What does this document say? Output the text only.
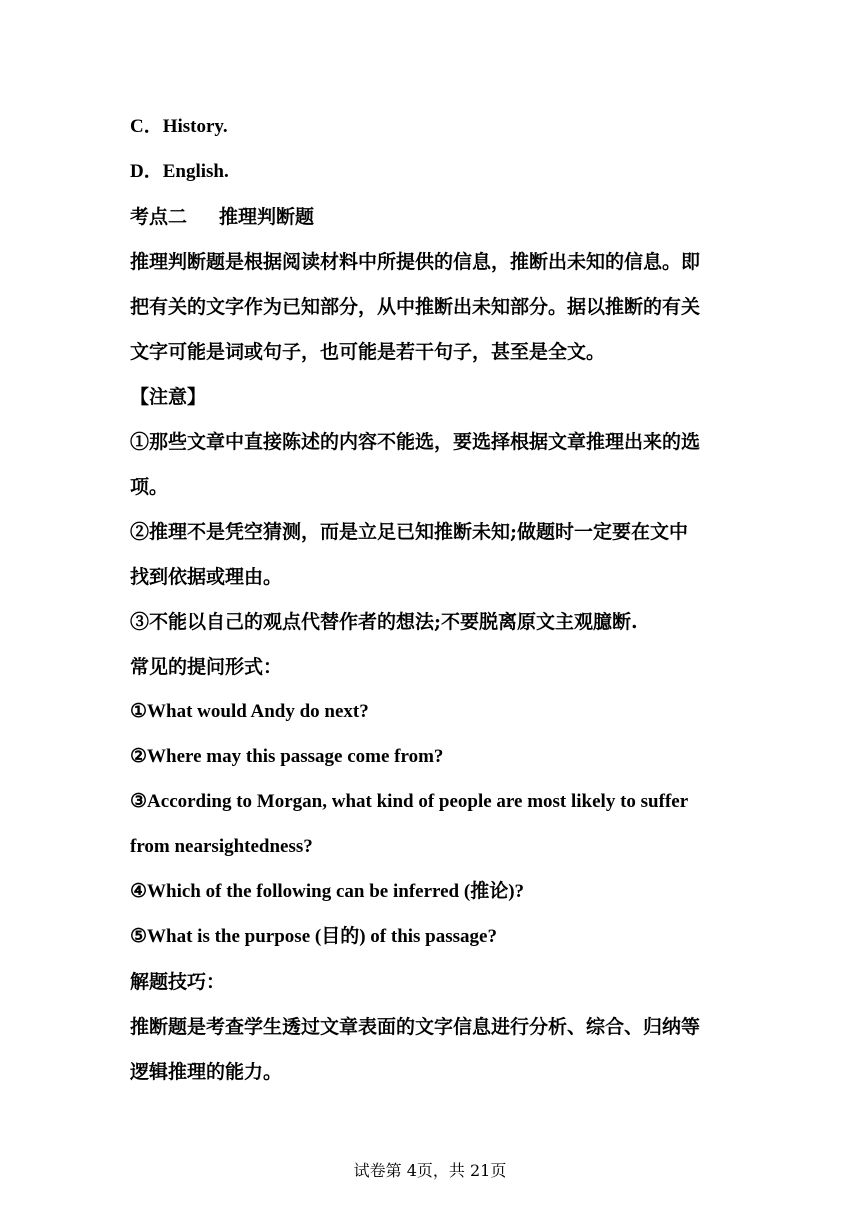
C．History.
D．English.
考点二 推理判断题
推理判断题是根据阅读材料中所提供的信息，推断出未知的信息。即
把有关的文字作为已知部分，从中推断出未知部分。据以推断的有关
文字可能是词或句子，也可能是若干句子，甚至是全文。
【注意】
①那些文章中直接陈述的内容不能选，要选择根据文章推理出来的选
项。
②推理不是凭空猜测，而是立足已知推断未知;做题时一定要在文中
找到依据或理由。
③不能以自己的观点代替作者的想法;不要脱离原文主观臆断.
常见的提问形式：
①What would Andy do next?
②Where may this passage come from?
③According to Morgan, what kind of people are most likely to suffer
from nearsightedness?
④Which of the following can be inferred (推论)?
⑤What is the purpose (目的) of this passage?
解题技巧：
推断题是考查学生透过文章表面的文字信息进行分析、综合、归纳等
逻辑推理的能力。
试卷第 4页，共 21页
